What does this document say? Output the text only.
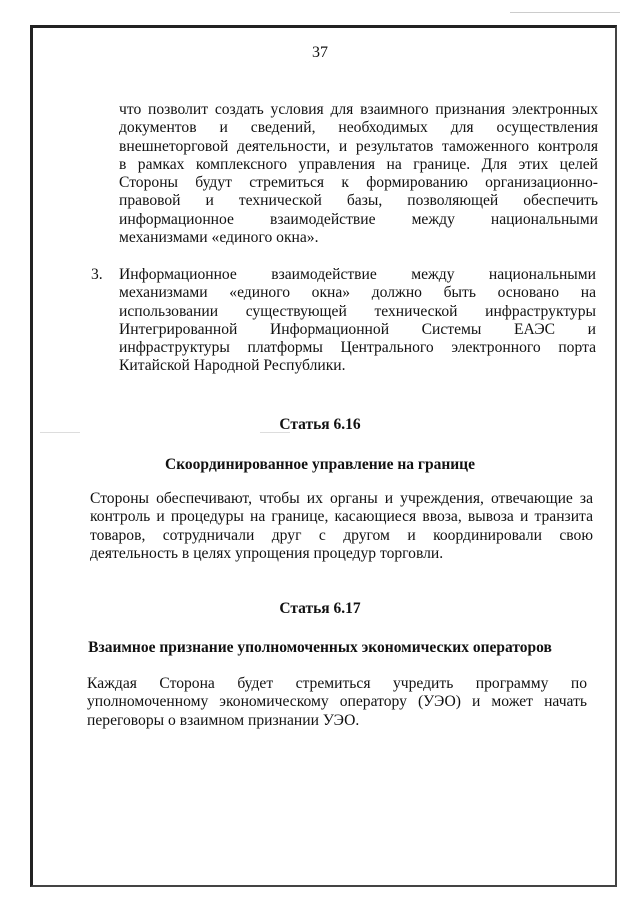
37
что позволит создать условия для взаимного признания электронных
документов и сведений, необходимых для осуществления
внешнеторговой деятельности, и результатов таможенного контроля
в рамках комплексного управления на границе. Для этих целей
Стороны будут стремиться к формированию организационно-
правовой и технической базы, позволяющей обеспечить
информационное взаимодействие между национальными
механизмами «единого окна».
3. Информационное взаимодействие между национальными
механизмами «единого окна» должно быть основано на
использовании существующей технической инфраструктуры
Интегрированной Информационной Системы ЕАЭС и
инфраструктуры платформы Центрального электронного порта
Китайской Народной Республики.
Статья 6.16
Скоординированное управление на границе
Стороны обеспечивают, чтобы их органы и учреждения, отвечающие за
контроль и процедуры на границе, касающиеся ввоза, вывоза и транзита
товаров, сотрудничали друг с другом и координировали свою
деятельность в целях упрощения процедур торговли.
Статья 6.17
Взаимное признание уполномоченных экономических операторов
Каждая Сторона будет стремиться учредить программу по
уполномоченному экономическому оператору (УЭО) и может начать
переговоры о взаимном признании УЭО.
